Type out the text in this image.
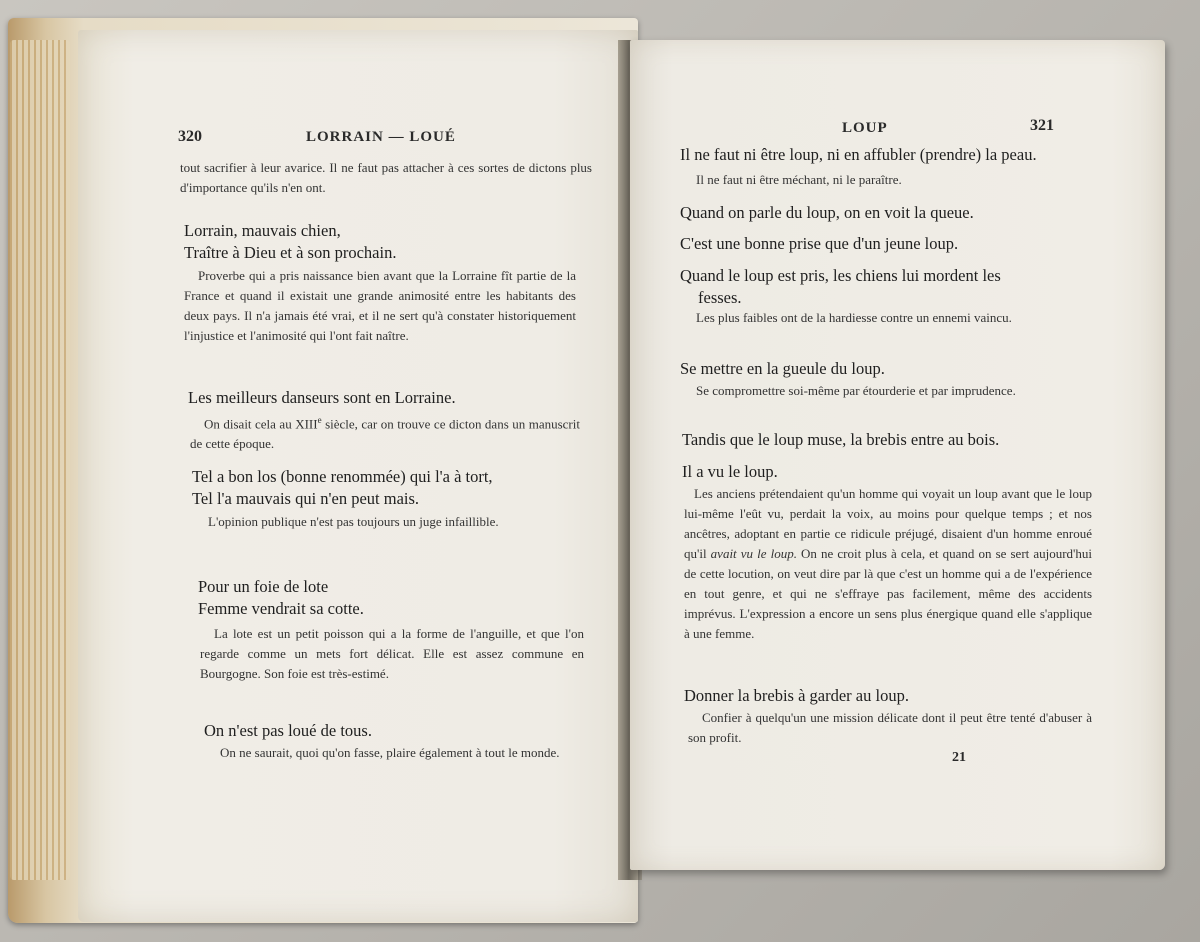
320	LORRAIN — LOUÉ
tout sacrifier à leur avarice. Il ne faut pas attacher à ces sortes de dictons plus d'importance qu'ils n'en ont.
Lorrain, mauvais chien,
Traître à Dieu et à son prochain.
Proverbe qui a pris naissance bien avant que la Lorraine fît partie de la France et quand il existait une grande animosité entre les habitants des deux pays. Il n'a jamais été vrai, et il ne sert qu'à constater historiquement l'injustice et l'animosité qui l'ont fait naître.
Les meilleurs danseurs sont en Lorraine.
On disait cela au XIIIe siècle, car on trouve ce dicton dans un manuscrit de cette époque.
Tel a bon los (bonne renommée) qui l'a à tort,
Tel l'a mauvais qui n'en peut mais.
L'opinion publique n'est pas toujours un juge infaillible.
Pour un foie de lote
Femme vendrait sa cotte.
La lote est un petit poisson qui a la forme de l'anguille, et que l'on regarde comme un mets fort délicat. Elle est assez commune en Bourgogne. Son foie est très-estimé.
On n'est pas loué de tous.
On ne saurait, quoi qu'on fasse, plaire également à tout le monde.
LOUP	321
Il ne faut ni être loup, ni en affubler (prendre) la peau.
Il ne faut ni être méchant, ni le paraître.
Quand on parle du loup, on en voit la queue.
C'est une bonne prise que d'un jeune loup.
Quand le loup est pris, les chiens lui mordent les
fesses.
Les plus faibles ont de la hardiesse contre un ennemi vaincu.
Se mettre en la gueule du loup.
Se compromettre soi-même par étourderie et par imprudence.
Tandis que le loup muse, la brebis entre au bois.
Il a vu le loup.
Les anciens prétendaient qu'un homme qui voyait un loup avant que le loup lui-même l'eût vu, perdait la voix, au moins pour quelque temps ; et nos ancêtres, adoptant en partie ce ridicule préjugé, disaient d'un homme enroué qu'il avait vu le loup. On ne croit plus à cela, et quand on se sert aujourd'hui de cette locution, on veut dire par là que c'est un homme qui a de l'expérience en tout genre, et qui ne s'effraye pas facilement, même des accidents imprévus. L'expression a encore un sens plus énergique quand elle s'applique à une femme.
Donner la brebis à garder au loup.
Confier à quelqu'un une mission délicate dont il peut être tenté d'abuser à son profit.
21
